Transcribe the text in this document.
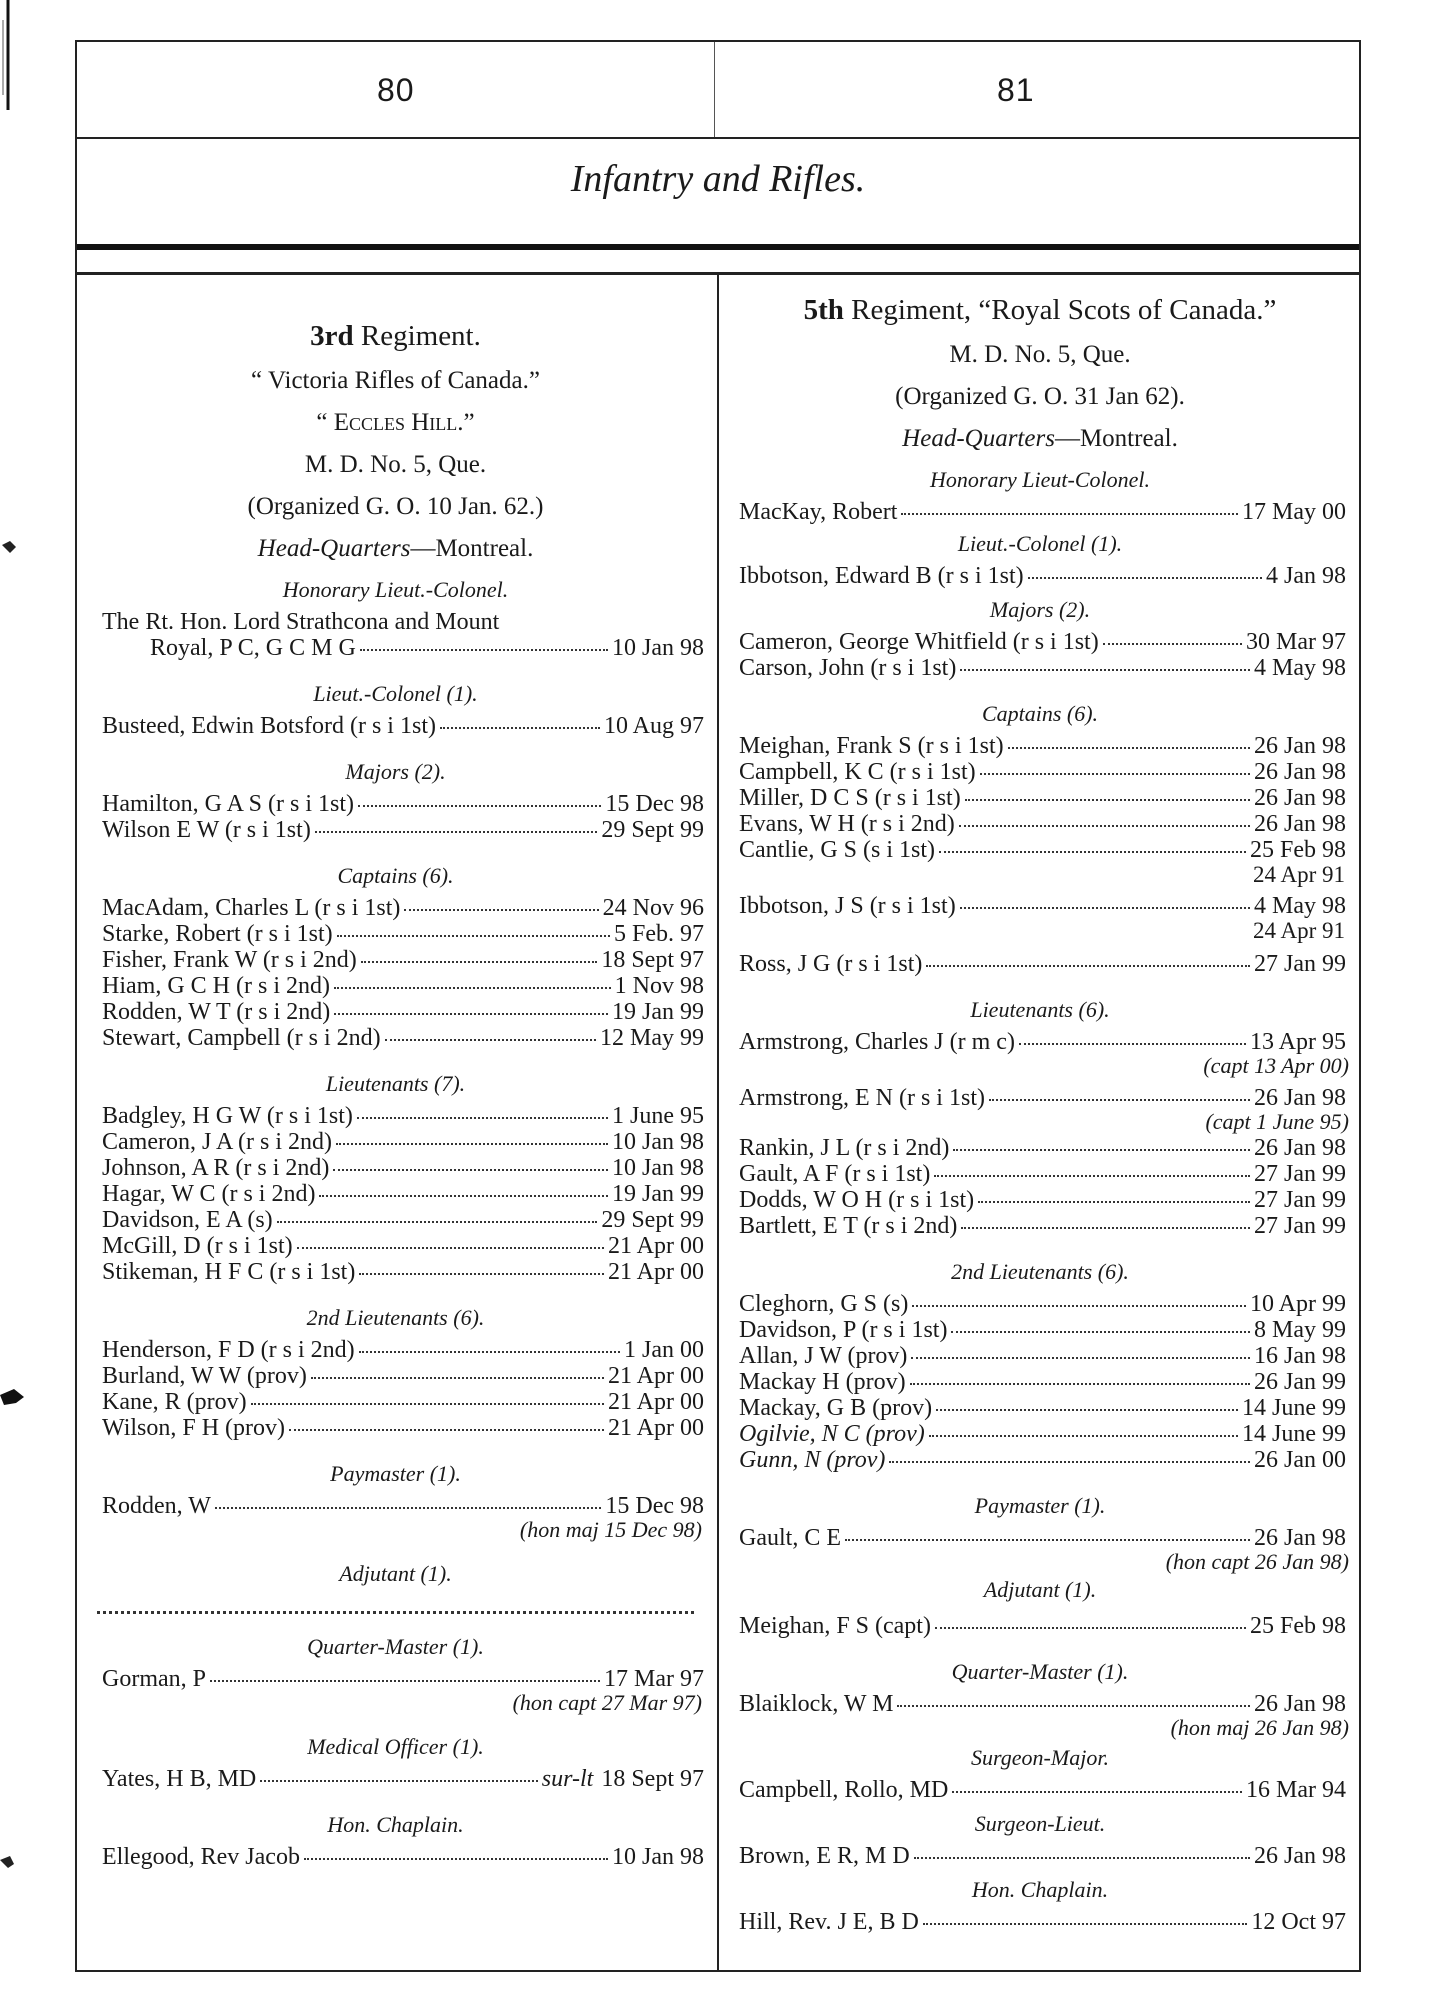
80	81
Infantry and Rifles.
3rd Regiment.
“ Victoria Rifles of Canada.”
“ Eccles Hill.”
M. D. No. 5, Que.
(Organized G. O. 10 Jan. 62.)
Head-Quarters—Montreal.
Honorary Lieut.-Colonel.
The Rt. Hon. Lord Strathcona and Mount
Royal, P C, G C M G	10 Jan 98
Lieut.-Colonel (1).
Busteed, Edwin Botsford (r s i 1st)	10 Aug 97
Majors (2).
Hamilton, G A S (r s i 1st)	15 Dec 98
Wilson E W (r s i 1st)	29 Sept 99
Captains (6).
MacAdam, Charles L (r s i 1st)	24 Nov 96
Starke, Robert (r s i 1st)	5 Feb. 97
Fisher, Frank W (r s i 2nd)	18 Sept 97
Hiam, G C H (r s i 2nd)	1 Nov 98
Rodden, W T (r s i 2nd)	19 Jan 99
Stewart, Campbell (r s i 2nd)	12 May 99
Lieutenants (7).
Badgley, H G W (r s i 1st)	1 June 95
Cameron, J A (r s i 2nd)	10 Jan 98
Johnson, A R (r s i 2nd)	10 Jan 98
Hagar, W C (r s i 2nd)	19 Jan 99
Davidson, E A (s)	29 Sept 99
McGill, D (r s i 1st)	21 Apr 00
Stikeman, H F C (r s i 1st)	21 Apr 00
2nd Lieutenants (6).
Henderson, F D (r s i 2nd)	1 Jan 00
Burland, W W (prov)	21 Apr 00
Kane, R (prov)	21 Apr 00
Wilson, F H (prov)	21 Apr 00
Paymaster (1).
Rodden, W	15 Dec 98
(hon maj 15 Dec 98)
Adjutant (1).
Quarter-Master (1).
Gorman, P	17 Mar 97
(hon capt 27 Mar 97)
Medical Officer (1).
Yates, H B, MD	sur-lt 18 Sept 97
Hon. Chaplain.
Ellegood, Rev Jacob	10 Jan 98
5th Regiment, “Royal Scots of Canada.”
M. D. No. 5, Que.
(Organized G. O. 31 Jan 62).
Head-Quarters—Montreal.
Honorary Lieut-Colonel.
MacKay, Robert	17 May 00
Lieut.-Colonel (1).
Ibbotson, Edward B (r s i 1st)	4 Jan 98
Majors (2).
Cameron, George Whitfield (r s i 1st)	30 Mar 97
Carson, John (r s i 1st)	4 May 98
Captains (6).
Meighan, Frank S (r s i 1st)	26 Jan 98
Campbell, K C (r s i 1st)	26 Jan 98
Miller, D C S (r s i 1st)	26 Jan 98
Evans, W H (r s i 2nd)	26 Jan 98
Cantlie, G S (s i 1st)	25 Feb 98
24 Apr 91
Ibbotson, J S (r s i 1st)	4 May 98
24 Apr 91
Ross, J G (r s i 1st)	27 Jan 99
Lieutenants (6).
Armstrong, Charles J (r m c)	13 Apr 95
(capt 13 Apr 00)
Armstrong, E N (r s i 1st)	26 Jan 98
(capt 1 June 95)
Rankin, J L (r s i 2nd)	26 Jan 98
Gault, A F (r s i 1st)	27 Jan 99
Dodds, W O H (r s i 1st)	27 Jan 99
Bartlett, E T (r s i 2nd)	27 Jan 99
2nd Lieutenants (6).
Cleghorn, G S (s)	10 Apr 99
Davidson, P (r s i 1st)	8 May 99
Allan, J W (prov)	16 Jan 98
Mackay H (prov)	26 Jan 99
Mackay, G B (prov)	14 June 99
Ogilvie, N C (prov)	14 June 99
Gunn, N (prov)	26 Jan 00
Paymaster (1).
Gault, C E	26 Jan 98
(hon capt 26 Jan 98)
Adjutant (1).
Meighan, F S (capt)	25 Feb 98
Quarter-Master (1).
Blaiklock, W M	26 Jan 98
(hon maj 26 Jan 98)
Surgeon-Major.
Campbell, Rollo, MD	16 Mar 94
Surgeon-Lieut.
Brown, E R, M D	26 Jan 98
Hon. Chaplain.
Hill, Rev. J E, B D	12 Oct 97
